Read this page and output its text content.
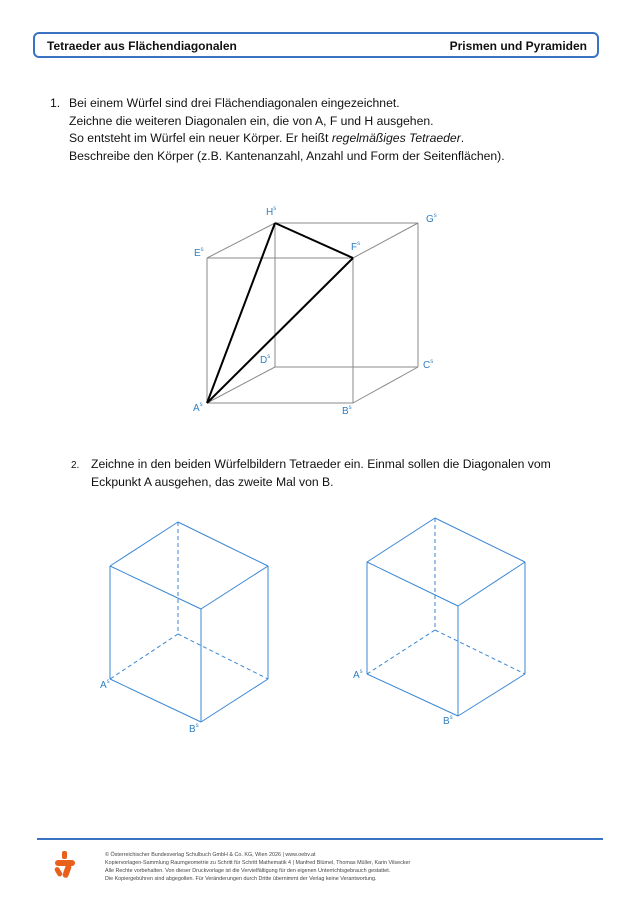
Tetraeder aus Flächendiagonalen	Prismen und Pyramiden
1. Bei einem Würfel sind drei Flächendiagonalen eingezeichnet.
Zeichne die weiteren Diagonalen ein, die von A, F und H ausgehen.
So entsteht im Würfel ein neuer Körper. Er heißt regelmäßiges Tetraeder.
Beschreibe den Körper (z.B. Kantenanzahl, Anzahl und Form der Seitenflächen).
$H^s$
$G^s$
$E^s$	$F^s$
$D^s$
$C^s$
$A^s$
$B^s$
2. Zeichne in den beiden Würfelbildern Tetraeder ein. Einmal sollen die Diagonalen vom
Eckpunkt A ausgehen, das zweite Mal von B.
$A^s$
$B^s$
$A^s$
$B^s$
© Österreichischer Bundesverlag Schulbuch GmbH & Co. KG, Wien 2026 | www.oebv.at
Kopiervorlagen-Sammlung Raumgeometrie zu Schritt für Schritt Mathematik 4 | Manfred Blümel, Thomas Müller, Karin Vilsecker
Alle Rechte vorbehalten. Von dieser Druckvorlage ist die Vervielfältigung für den eigenen Unterrichtsgebrauch gestattet.
Die Kopiergebühren sind abgegolten. Für Veränderungen durch Dritte übernimmt der Verlag keine Verantwortung.
